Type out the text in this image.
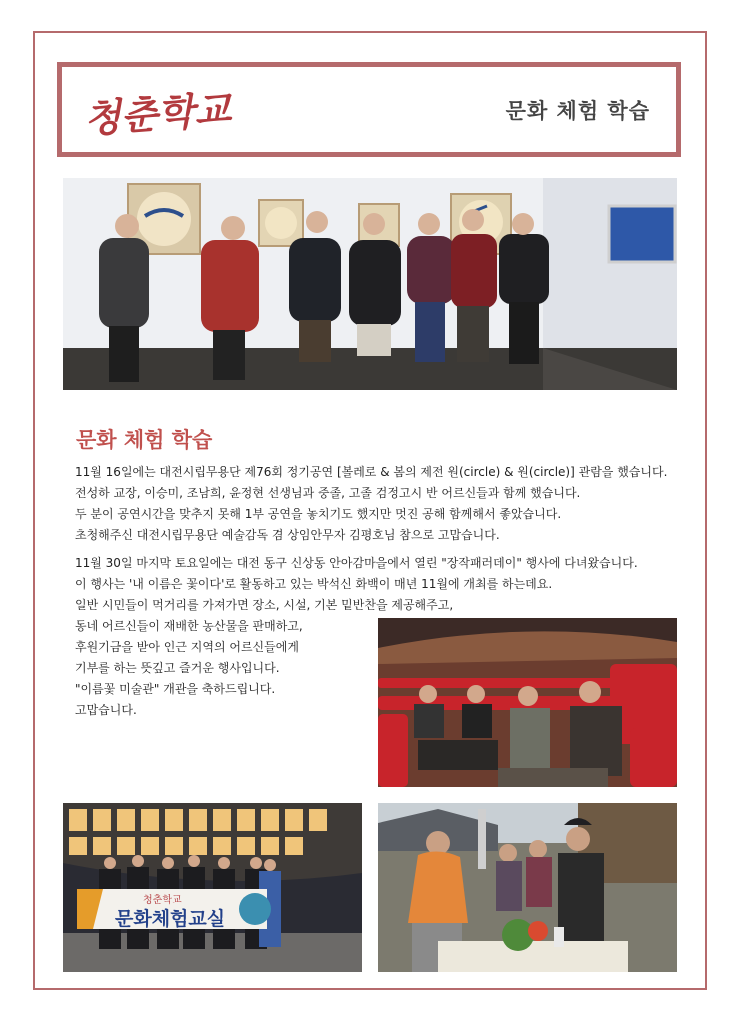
청춘학교	문화 체험 학습
문화 체험 학습

11월 16일에는 대전시립무용단 제76회 정기공연 [볼레로 & 봄의 제전 원(circle) & 원(circle)] 관람을 했습니다.

전성하 교장, 이승미, 조남희, 윤정현 선생님과 중졸, 고졸 검정고시 반 어르신들과 함께 했습니다.

두 분이 공연시간을 맞추지 못해 1부 공연을 놓치기도 했지만 멋진 공해 함께해서 좋았습니다.

초청해주신 대전시립무용단 예술감독 겸 상임안무자 김평호님 참으로 고맙습니다.

11월 30일 마지막 토요일에는 대전 동구 신상동 안아감마을에서 열린 "장작패러데이" 행사에 다녀왔습니다.

이 행사는 '내 이름은 꽃이다'로 활동하고 있는 박석신 화백이 매년 11월에 개최를 하는데요.

일반 시민들이 먹거리를 가져가면 장소, 시설, 기본 밑반찬을 제공해주고,

동네 어르신들이 재배한 농산물을 판매하고,

후원기금을 받아 인근 지역의 어르신들에게

기부를 하는 뜻깊고 즐거운 행사입니다.

"이름꽃 미술관" 개관을 축하드립니다.

고맙습니다.

청춘학교
문화체험교실
